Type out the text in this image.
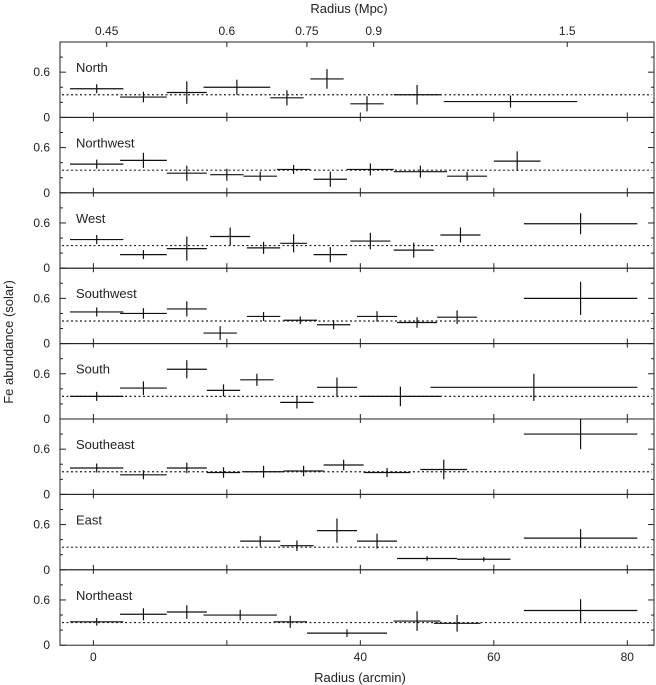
Radius (Mpc)
0.45	0.6	0.75	0.9	1.5
0
0.6 North
0
0.6 Northwest
0
0.6 West
0
0.6 Southwest
0
0.6 South
0
0.6 Southeast
0
0.6 East
0
0.6 Northeast
0	40	60	80
Radius (arcmin)
Fe abundance (solar)
